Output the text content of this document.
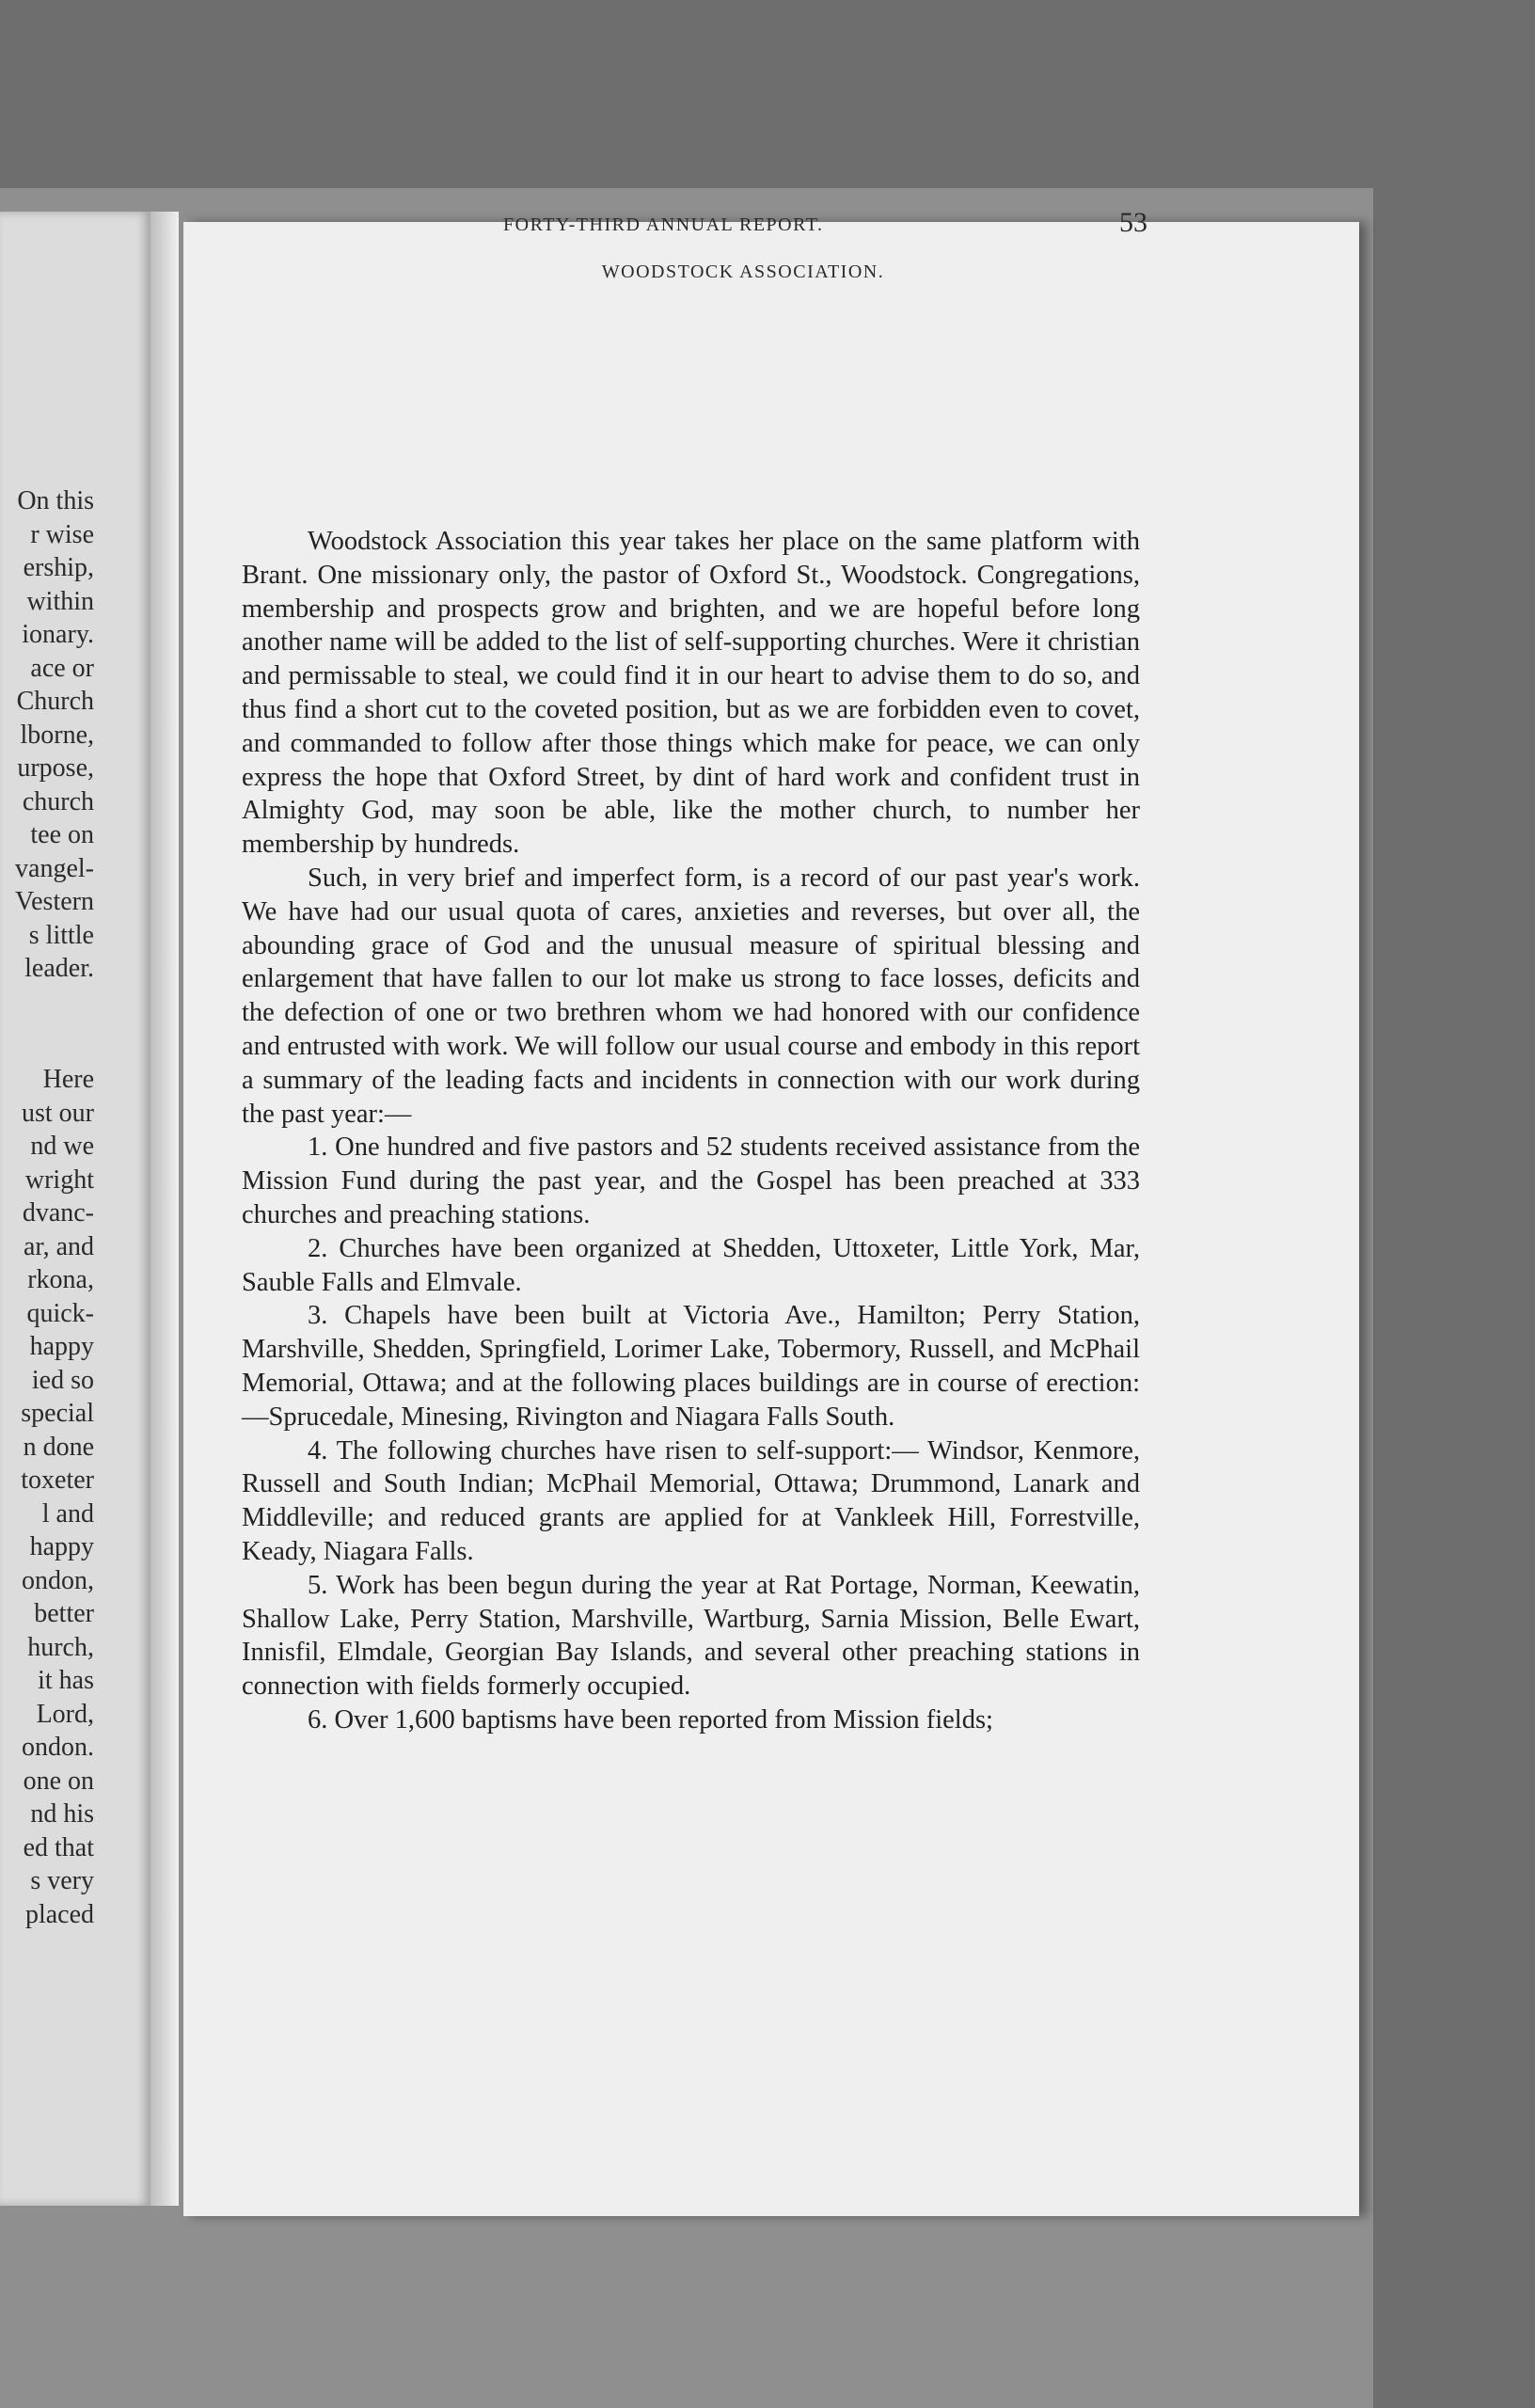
On this
r wise
ership,
within
ionary.
ace or
Church
lborne,
urpose,
church
tee on
vangel-
Vestern
s little
leader.
Here
ust our
nd we
wright
dvanc-
ar, and
rkona,
quick-
happy
ied so
special
n done
toxeter
l and
happy
ondon,
better
hurch,
it has
Lord,
ondon.
one on
nd his
ed that
s very
placed

Woodstock Association this year takes her place on the same platform with Brant. One missionary only, the pastor of Oxford St., Woodstock. Congregations, membership and prospects grow and brighten, and we are hopeful before long another name will be added to the list of self-supporting churches. Were it christian and permissable to steal, we could find it in our heart to advise them to do so, and thus find a short cut to the coveted position, but as we are forbidden even to covet, and commanded to follow after those things which make for peace, we can only express the hope that Oxford Street, by dint of hard work and confident trust in Almighty God, may soon be able, like the mother church, to number her membership by hundreds.

Such, in very brief and imperfect form, is a record of our past year's work. We have had our usual quota of cares, anxieties and reverses, but over all, the abounding grace of God and the unusual measure of spiritual blessing and enlargement that have fallen to our lot make us strong to face losses, deficits and the defection of one or two brethren whom we had honored with our confidence and entrusted with work. We will follow our usual course and embody in this report a summary of the leading facts and incidents in connection with our work during the past year:—

1. One hundred and five pastors and 52 students received assistance from the Mission Fund during the past year, and the Gospel has been preached at 333 churches and preaching stations.

2. Churches have been organized at Shedden, Uttoxeter, Little York, Mar, Sauble Falls and Elmvale.

3. Chapels have been built at Victoria Ave., Hamilton; Perry Station, Marshville, Shedden, Springfield, Lorimer Lake, Tobermory, Russell, and McPhail Memorial, Ottawa; and at the following places buildings are in course of erection:—Sprucedale, Minesing, Rivington and Niagara Falls South.

4. The following churches have risen to self-support:— Windsor, Kenmore, Russell and South Indian; McPhail Memorial, Ottawa; Drummond, Lanark and Middleville; and reduced grants are applied for at Vankleek Hill, Forrestville, Keady, Niagara Falls.

5. Work has been begun during the year at Rat Portage, Norman, Keewatin, Shallow Lake, Perry Station, Marshville, Wartburg, Sarnia Mission, Belle Ewart, Innisfil, Elmdale, Georgian Bay Islands, and several other preaching stations in connection with fields formerly occupied.

6. Over 1,600 baptisms have been reported from Mission fields;

FORTY-THIRD ANNUAL REPORT.	53
WOODSTOCK ASSOCIATION.
